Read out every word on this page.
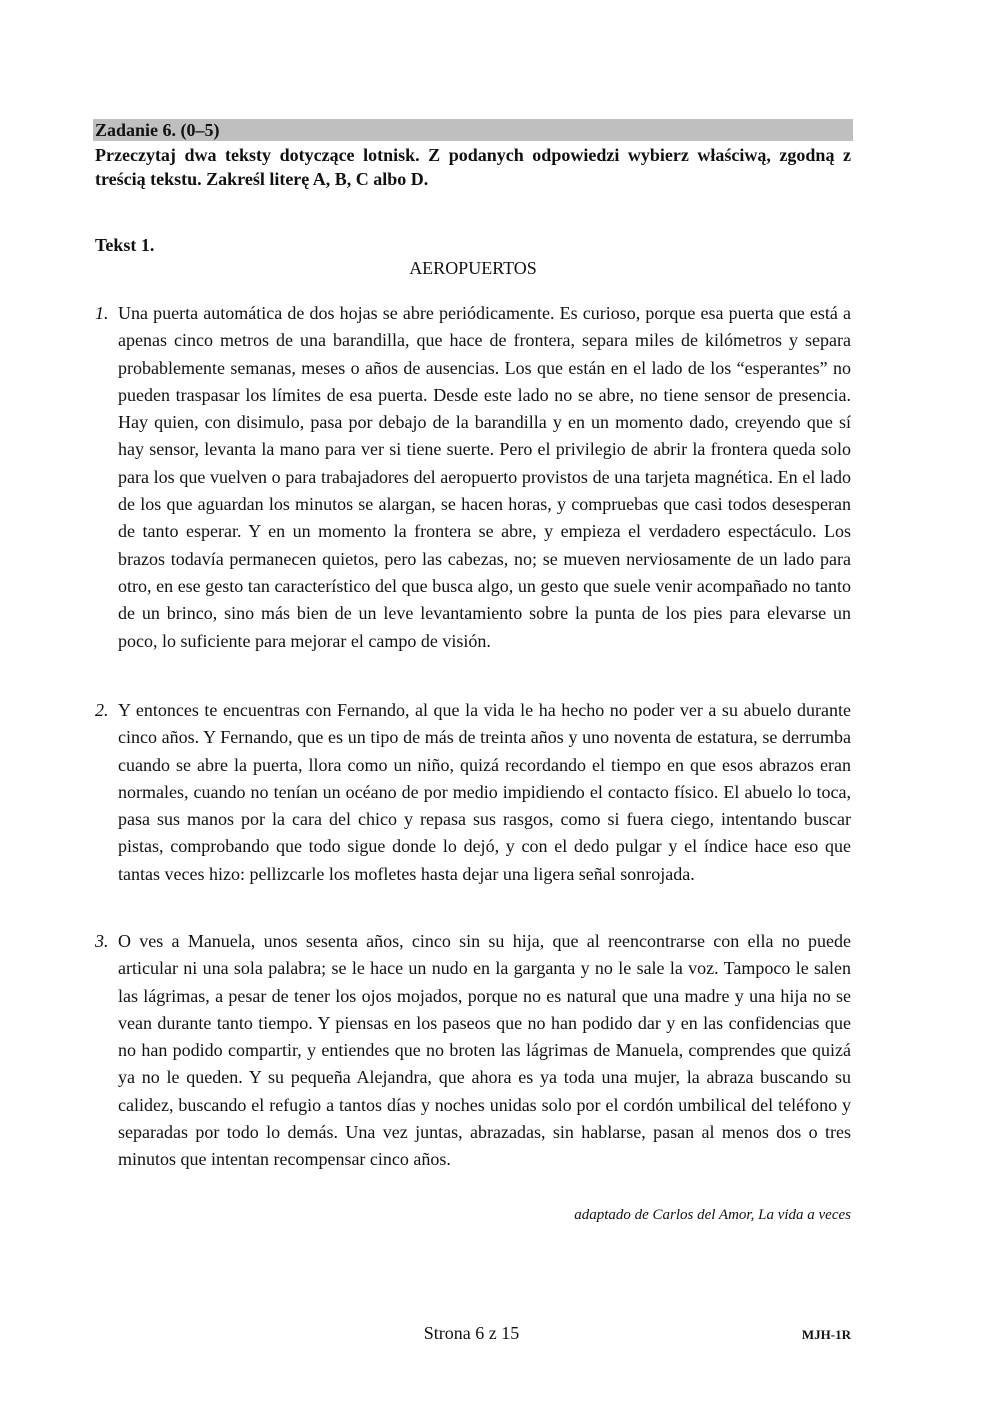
Zadanie 6. (0–5)
Przeczytaj dwa teksty dotyczące lotnisk. Z podanych odpowiedzi wybierz właściwą, zgodną z treścią tekstu. Zakreśl literę A, B, C albo D.
Tekst 1.
AEROPUERTOS
1. Una puerta automática de dos hojas se abre periódicamente. Es curioso, porque esa puerta que está a apenas cinco metros de una barandilla, que hace de frontera, separa miles de kilómetros y separa probablemente semanas, meses o años de ausencias. Los que están en el lado de los “esperantes” no pueden traspasar los límites de esa puerta. Desde este lado no se abre, no tiene sensor de presencia. Hay quien, con disimulo, pasa por debajo de la barandilla y en un momento dado, creyendo que sí hay sensor, levanta la mano para ver si tiene suerte. Pero el privilegio de abrir la frontera queda solo para los que vuelven o para trabajadores del aeropuerto provistos de una tarjeta magnética. En el lado de los que aguardan los minutos se alargan, se hacen horas, y compruebas que casi todos desesperan de tanto esperar. Y en un momento la frontera se abre, y empieza el verdadero espectáculo. Los brazos todavía permanecen quietos, pero las cabezas, no; se mueven nerviosamente de un lado para otro, en ese gesto tan característico del que busca algo, un gesto que suele venir acompañado no tanto de un brinco, sino más bien de un leve levantamiento sobre la punta de los pies para elevarse un poco, lo suficiente para mejorar el campo de visión.
2. Y entonces te encuentras con Fernando, al que la vida le ha hecho no poder ver a su abuelo durante cinco años. Y Fernando, que es un tipo de más de treinta años y uno noventa de estatura, se derrumba cuando se abre la puerta, llora como un niño, quizá recordando el tiempo en que esos abrazos eran normales, cuando no tenían un océano de por medio impidiendo el contacto físico. El abuelo lo toca, pasa sus manos por la cara del chico y repasa sus rasgos, como si fuera ciego, intentando buscar pistas, comprobando que todo sigue donde lo dejó, y con el dedo pulgar y el índice hace eso que tantas veces hizo: pellizcarle los mofletes hasta dejar una ligera señal sonrojada.
3. O ves a Manuela, unos sesenta años, cinco sin su hija, que al reencontrarse con ella no puede articular ni una sola palabra; se le hace un nudo en la garganta y no le sale la voz. Tampoco le salen las lágrimas, a pesar de tener los ojos mojados, porque no es natural que una madre y una hija no se vean durante tanto tiempo. Y piensas en los paseos que no han podido dar y en las confidencias que no han podido compartir, y entiendes que no broten las lágrimas de Manuela, comprendes que quizá ya no le queden. Y su pequeña Alejandra, que ahora es ya toda una mujer, la abraza buscando su calidez, buscando el refugio a tantos días y noches unidas solo por el cordón umbilical del teléfono y separadas por todo lo demás. Una vez juntas, abrazadas, sin hablarse, pasan al menos dos o tres minutos que intentan recompensar cinco años.
adaptado de Carlos del Amor, La vida a veces
Strona 6 z 15	MJH-1R
